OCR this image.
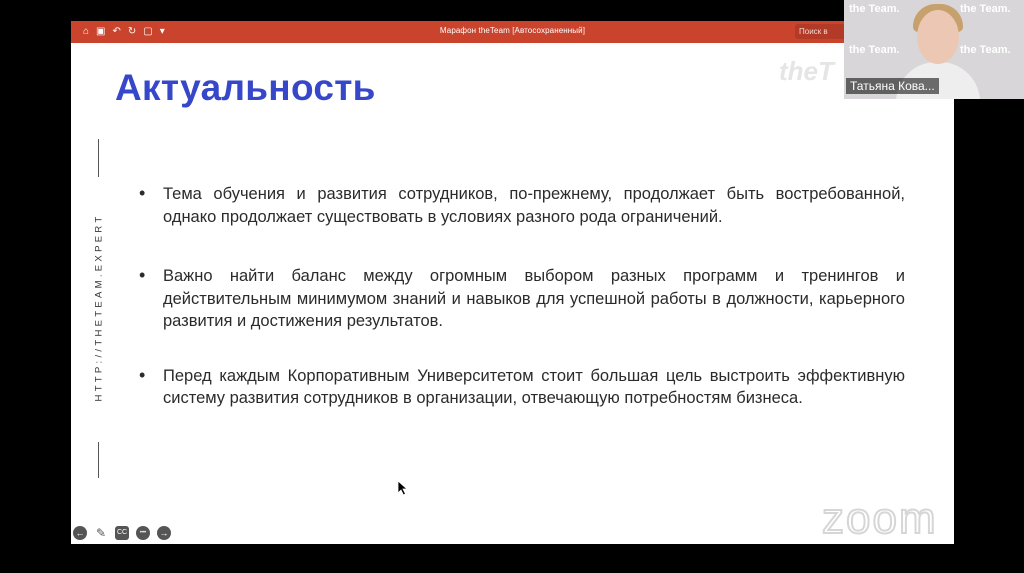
⌂ ▣ ↶ ↻ ▢ ▾	Марафон theTeam [Автосохраненный]	Поиск в
Актуальность	theT
HTTP://THETEAM.EXPERT
• Тема обучения и развития сотрудников, по-прежнему, продолжает быть востребованной, однако продолжает существовать в условиях разного рода ограничений.
• Важно найти баланс между огромным выбором разных программ и тренингов и действительным минимумом знаний и навыков для успешной работы в должности, карьерного развития и достижения результатов.
• Перед каждым Корпоративным Университетом стоит большая цель выстроить эффективную систему развития сотрудников в организации, отвечающую потребностям бизнеса.
← ✎ CC	•••	→	zoom
the Team.	the Team.
the Team.	the Team.
Татьяна Кова...
